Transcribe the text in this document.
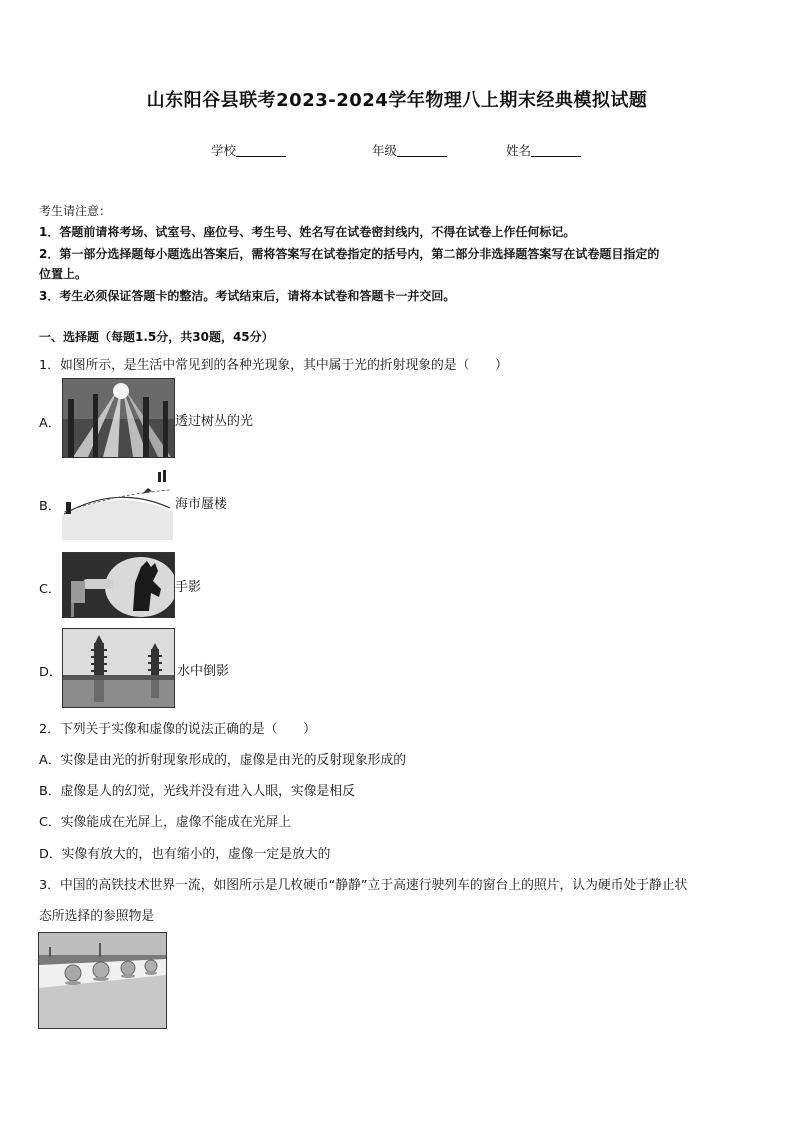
山东阳谷县联考2023-2024学年物理八上期末经典模拟试题
学校	年级	姓名
考生请注意：
1．答题前请将考场、试室号、座位号、考生号、姓名写在试卷密封线内，不得在试卷上作任何标记。
2．第一部分选择题每小题选出答案后，需将答案写在试卷指定的括号内，第二部分非选择题答案写在试卷题目指定的
位置上。
3．考生必须保证答题卡的整洁。考试结束后，请将本试卷和答题卡一并交回。
一、选择题（每题1.5分，共30题，45分）
1．如图所示，是生活中常见到的各种光现象，其中属于光的折射现象的是（　　）
A．	透过树丛的光
B．	海市蜃楼
C．	手影
D．	水中倒影
2．下列关于实像和虚像的说法正确的是（　　）
A．实像是由光的折射现象形成的，虚像是由光的反射现象形成的
B．虚像是人的幻觉，光线并没有进入人眼，实像是相反
C．实像能成在光屏上，虚像不能成在光屏上
D．实像有放大的，也有缩小的，虚像一定是放大的
3．中国的高铁技术世界一流，如图所示是几枚硬币“静静”立于高速行驶列车的窗台上的照片，认为硬币处于静止状
态所选择的参照物是
